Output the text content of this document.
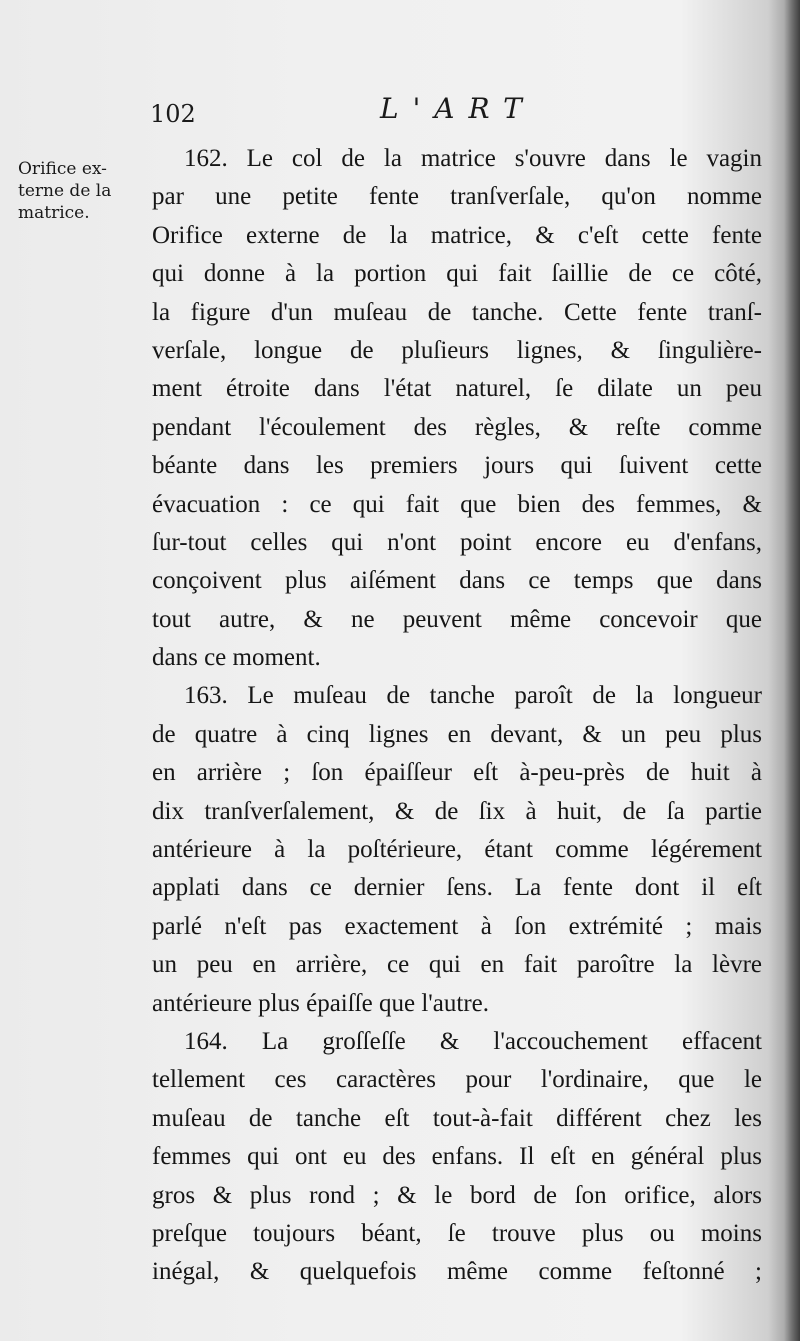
102	L'ART
Orifice ex-
terne de la
matrice.
162. Le col de la matrice s'ouvre dans le vagin
par une petite fente tranſverſale, qu'on nomme
Orifice externe de la matrice, & c'eſt cette fente
qui donne à la portion qui fait ſaillie de ce côté,
la figure d'un muſeau de tanche. Cette fente tranſ-
verſale, longue de pluſieurs lignes, & ſingulière-
ment étroite dans l'état naturel, ſe dilate un peu
pendant l'écoulement des règles, & reſte comme
béante dans les premiers jours qui ſuivent cette
évacuation : ce qui fait que bien des femmes, &
ſur-tout celles qui n'ont point encore eu d'enfans,
conçoivent plus aiſément dans ce temps que dans
tout autre, & ne peuvent même concevoir que
dans ce moment.
163. Le muſeau de tanche paroît de la longueur
de quatre à cinq lignes en devant, & un peu plus
en arrière ; ſon épaiſſeur eſt à-peu-près de huit à
dix tranſverſalement, & de ſix à huit, de ſa partie
antérieure à la poſtérieure, étant comme légérement
applati dans ce dernier ſens. La fente dont il eſt
parlé n'eſt pas exactement à ſon extrémité ; mais
un peu en arrière, ce qui en fait paroître la lèvre
antérieure plus épaiſſe que l'autre.
164. La groſſeſſe & l'accouchement effacent
tellement ces caractères pour l'ordinaire, que le
muſeau de tanche eſt tout-à-fait différent chez les
femmes qui ont eu des enfans. Il eſt en général plus
gros & plus rond ; & le bord de ſon orifice, alors
preſque toujours béant, ſe trouve plus ou moins
inégal, & quelquefois même comme feſtonné ;
